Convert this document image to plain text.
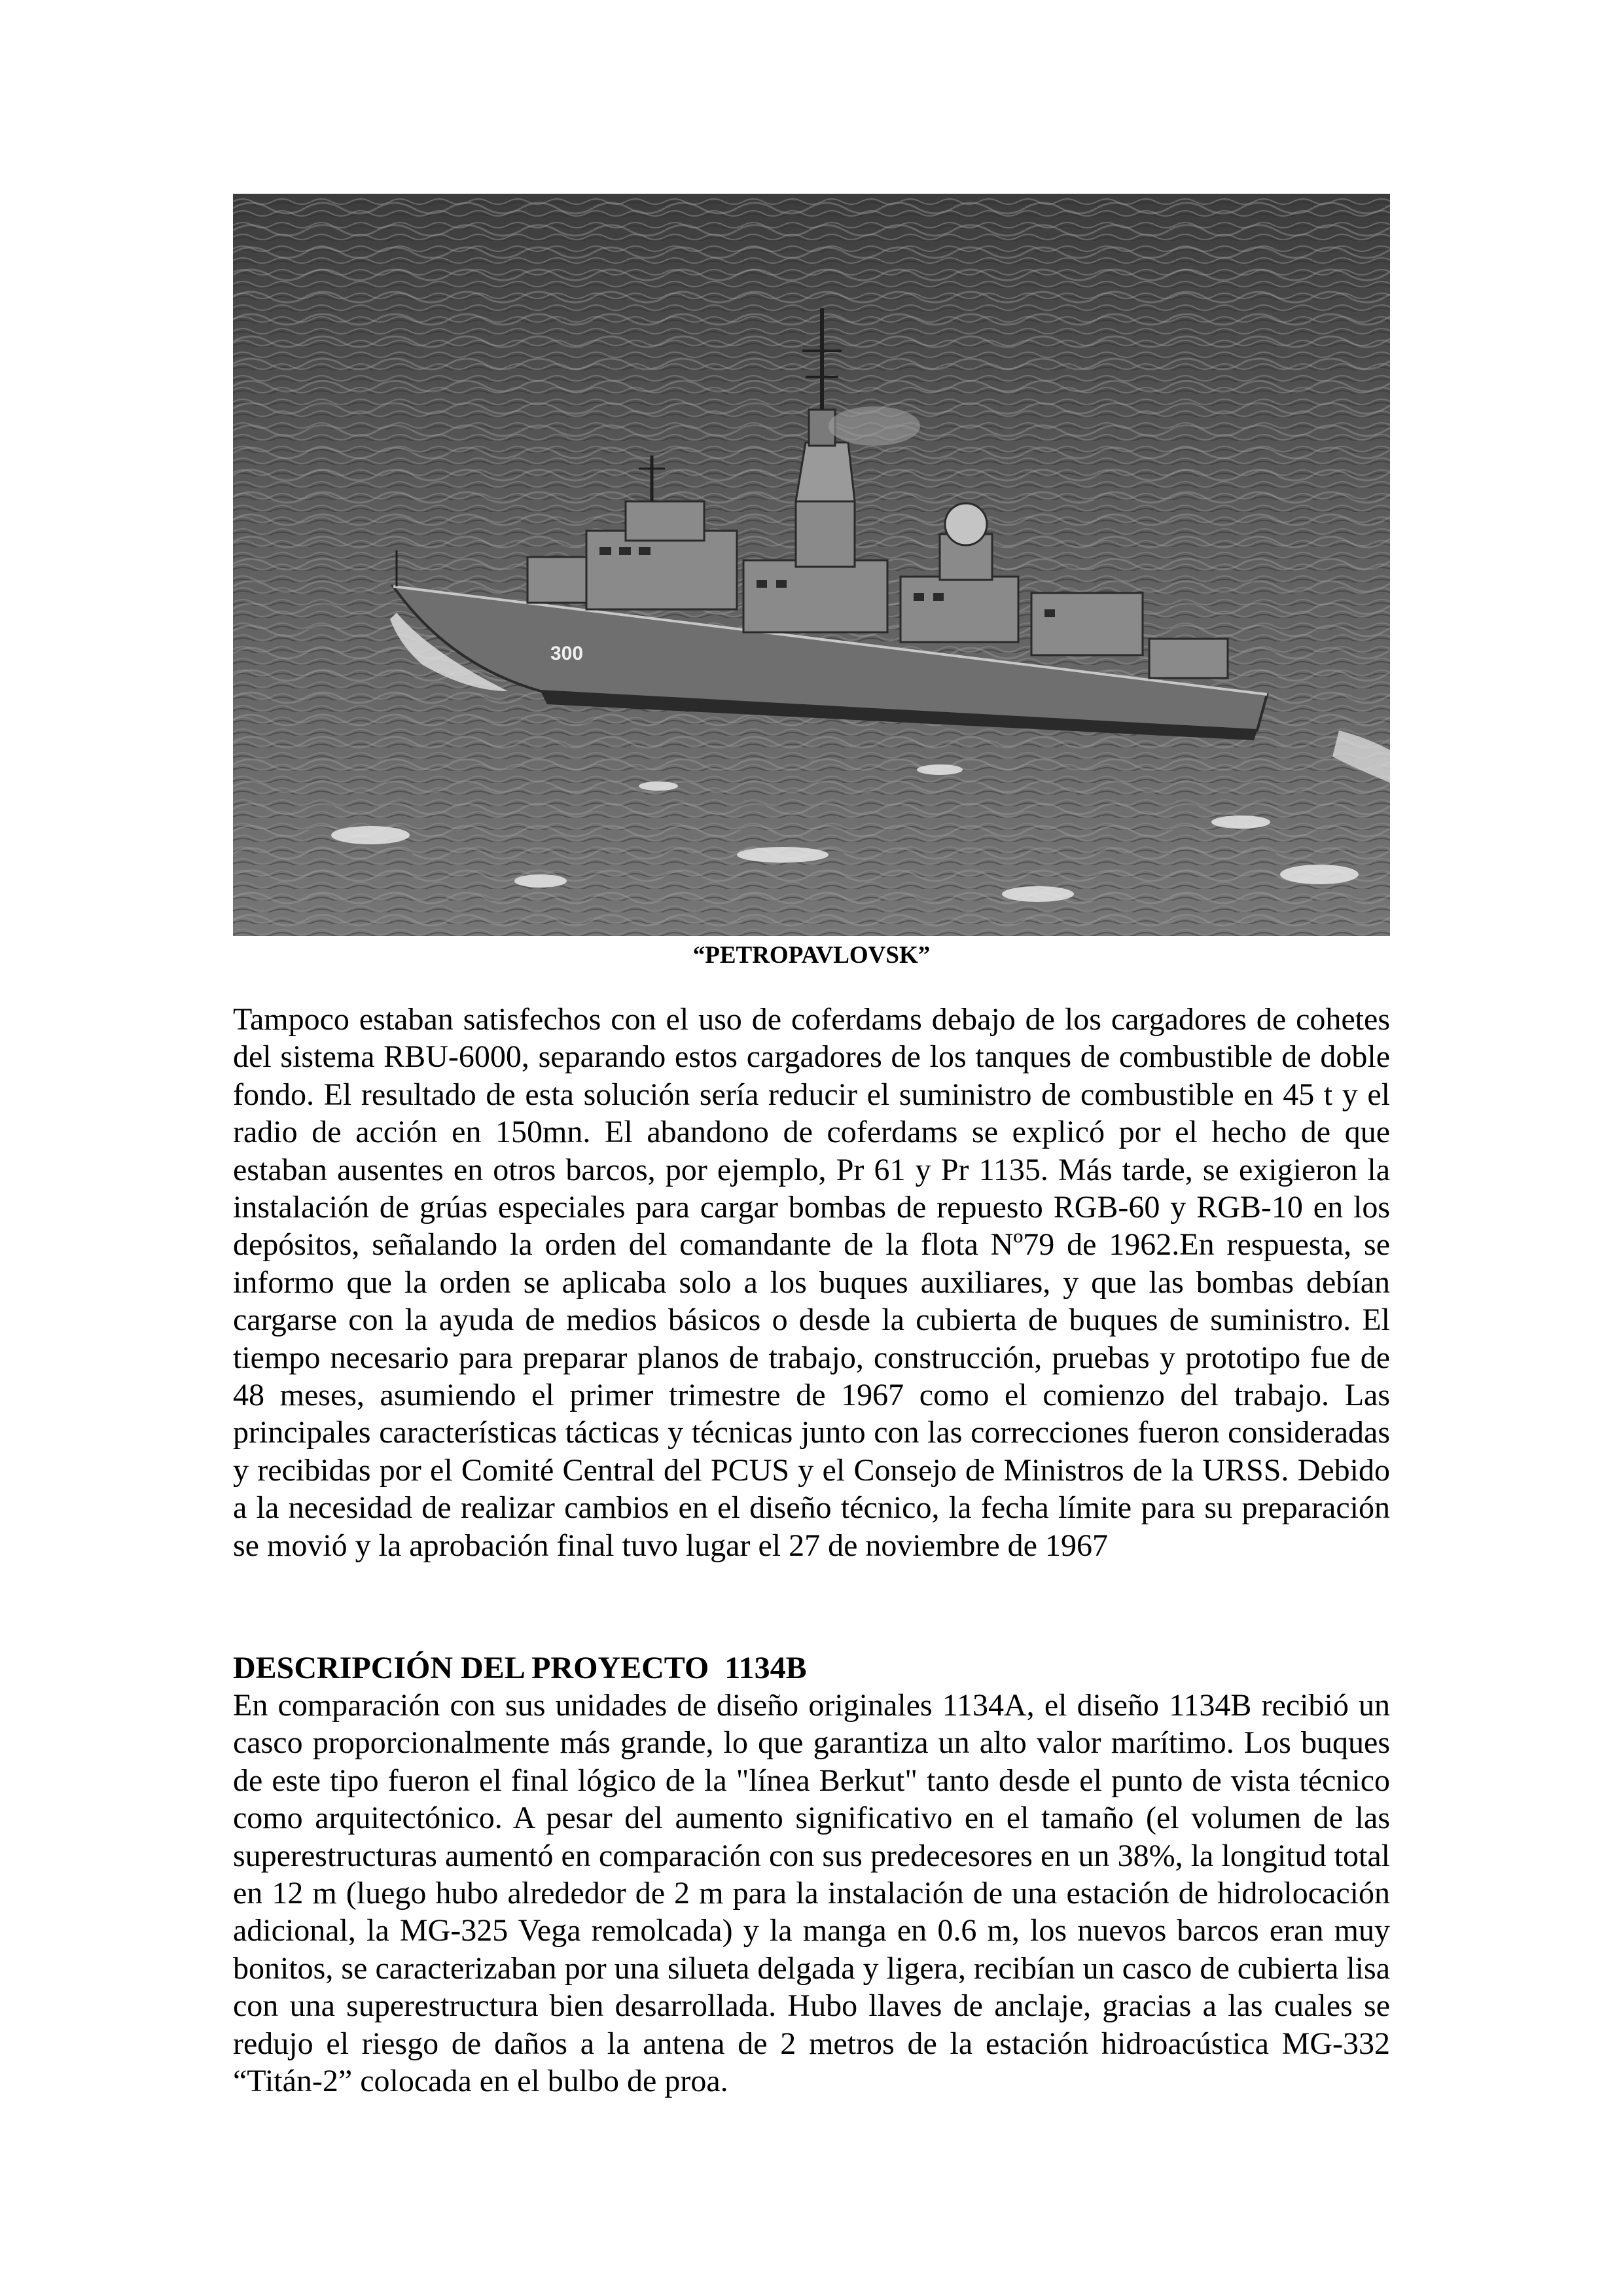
300
“PETROPAVLOVSK”
Tampoco estaban satisfechos con el uso de coferdams debajo de los cargadores de cohetes del sistema RBU-6000, separando estos cargadores de los tanques de combustible de doble fondo. El resultado de esta solución sería reducir el suministro de combustible en 45 t y el radio de acción en 150mn. El abandono de coferdams se explicó por el hecho de que estaban ausentes en otros barcos, por ejemplo, Pr 61 y Pr 1135. Más tarde, se exigieron la instalación de grúas especiales para cargar bombas de repuesto RGB-60 y RGB-10 en los depósitos, señalando la orden del comandante de la flota Nº79 de 1962.En respuesta, se informo que la orden se aplicaba solo a los buques auxiliares, y que las bombas debían cargarse con la ayuda de medios básicos o desde la cubierta de buques de suministro. El tiempo necesario para preparar planos de trabajo, construcción, pruebas y prototipo fue de 48 meses, asumiendo el primer trimestre de 1967 como el comienzo del trabajo. Las principales características tácticas y técnicas junto con las correcciones fueron consideradas y recibidas por el Comité Central del PCUS y el Consejo de Ministros de la URSS. Debido a la necesidad de realizar cambios en el diseño técnico, la fecha límite para su preparación se movió y la aprobación final tuvo lugar el 27 de noviembre de 1967
DESCRIPCIÓN DEL PROYECTO  1134B
En comparación con sus unidades de diseño originales 1134A, el diseño 1134B recibió un casco proporcionalmente más grande, lo que garantiza un alto valor marítimo. Los buques de este tipo fueron el final lógico de la "línea Berkut" tanto desde el punto de vista técnico como arquitectónico. A pesar del aumento significativo en el tamaño (el volumen de las superestructuras aumentó en comparación con sus predecesores en un 38%, la longitud total en 12 m (luego hubo alrededor de 2 m para la instalación de una estación de hidrolocación adicional, la MG-325 Vega remolcada) y la manga en 0.6 m, los nuevos barcos eran muy bonitos, se caracterizaban por una silueta delgada y ligera, recibían un casco de cubierta lisa con una superestructura bien desarrollada. Hubo llaves de anclaje, gracias a las cuales se redujo el riesgo de daños a la antena de 2 metros de la estación hidroacústica MG-332 “Titán-2” colocada en el bulbo de proa.
